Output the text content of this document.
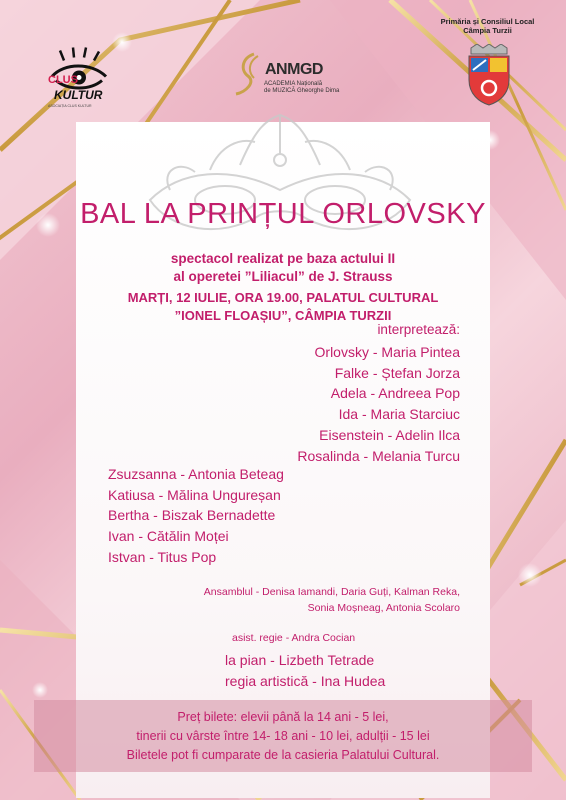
CLUS
KULTUR
ASOCIAȚIA CLUS KULTUR
ANMGD
ACADEMIA Națională
de MUZICĂ Gheorghe Dima
Primăria și Consiliul Local
Câmpia Turzii
BAL LA PRINȚUL ORLOVSKY
spectacol realizat pe baza actului II
al operetei ”Liliacul” de J. Strauss
MARȚI, 12 IULIE, ORA 19.00, PALATUL CULTURAL
”IONEL FLOAȘIU”, CÂMPIA TURZII
interpretează:
Orlovsky - Maria Pintea
Falke - Ștefan Jorza
Adela - Andreea Pop
Ida - Maria Starciuc
Eisenstein - Adelin Ilca
Rosalinda - Melania Turcu
Zsuzsanna - Antonia Beteag
Katiusa - Mălina Ungureșan
Bertha - Biszak Bernadette
Ivan - Cătălin Moței
Istvan - Titus Pop
Ansamblul - Denisa Iamandi, Daria Guți, Kalman Reka,
Sonia Moșneag, Antonia Scolaro
asist. regie - Andra Cocian
la pian - Lizbeth Tetrade
regia artistică - Ina Hudea
Preț bilete: elevii până la 14 ani - 5 lei,
tinerii cu vârste între 14- 18 ani - 10 lei, adulții - 15 lei
Biletele pot fi cumparate de la casieria Palatului Cultural.
